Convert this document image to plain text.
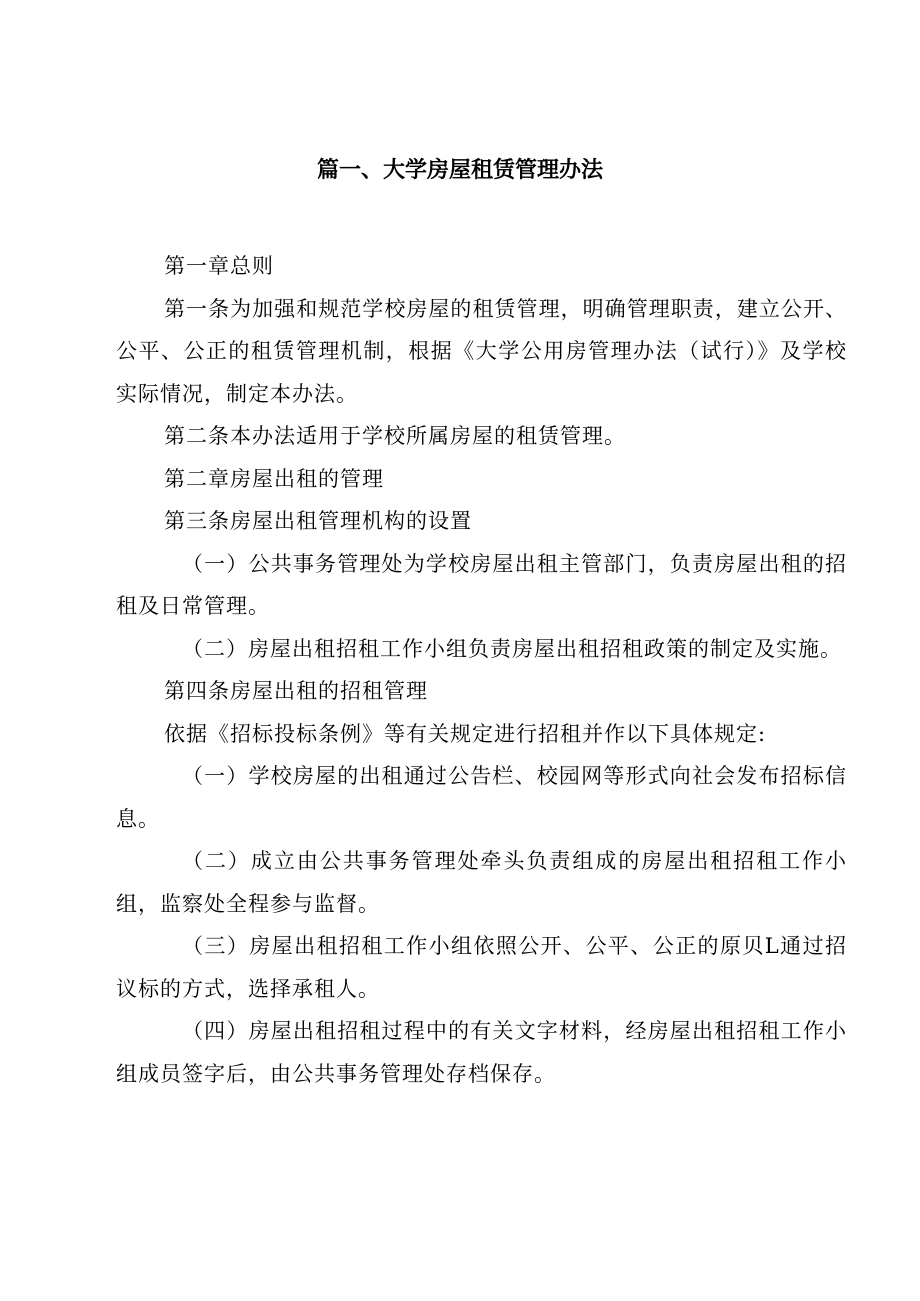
篇一、大学房屋租赁管理办法

第一章总则

第一条为加强和规范学校房屋的租赁管理，明确管理职责，建立公开、公平、公正的租赁管理机制，根据《大学公用房管理办法（试行）》及学校实际情况，制定本办法。

第二条本办法适用于学校所属房屋的租赁管理。

第二章房屋出租的管理

第三条房屋出租管理机构的设置

（一）公共事务管理处为学校房屋出租主管部门，负责房屋出租的招租及日常管理。

（二）房屋出租招租工作小组负责房屋出租招租政策的制定及实施。

第四条房屋出租的招租管理

依据《招标投标条例》等有关规定进行招租并作以下具体规定:

（一）学校房屋的出租通过公告栏、校园网等形式向社会发布招标信息。

（二）成立由公共事务管理处牵头负责组成的房屋出租招租工作小组，监察处全程参与监督。

（三）房屋出租招租工作小组依照公开、公平、公正的原贝L通过招议标的方式，选择承租人。

（四）房屋出租招租过程中的有关文字材料，经房屋出租招租工作小组成员签字后，由公共事务管理处存档保存。
